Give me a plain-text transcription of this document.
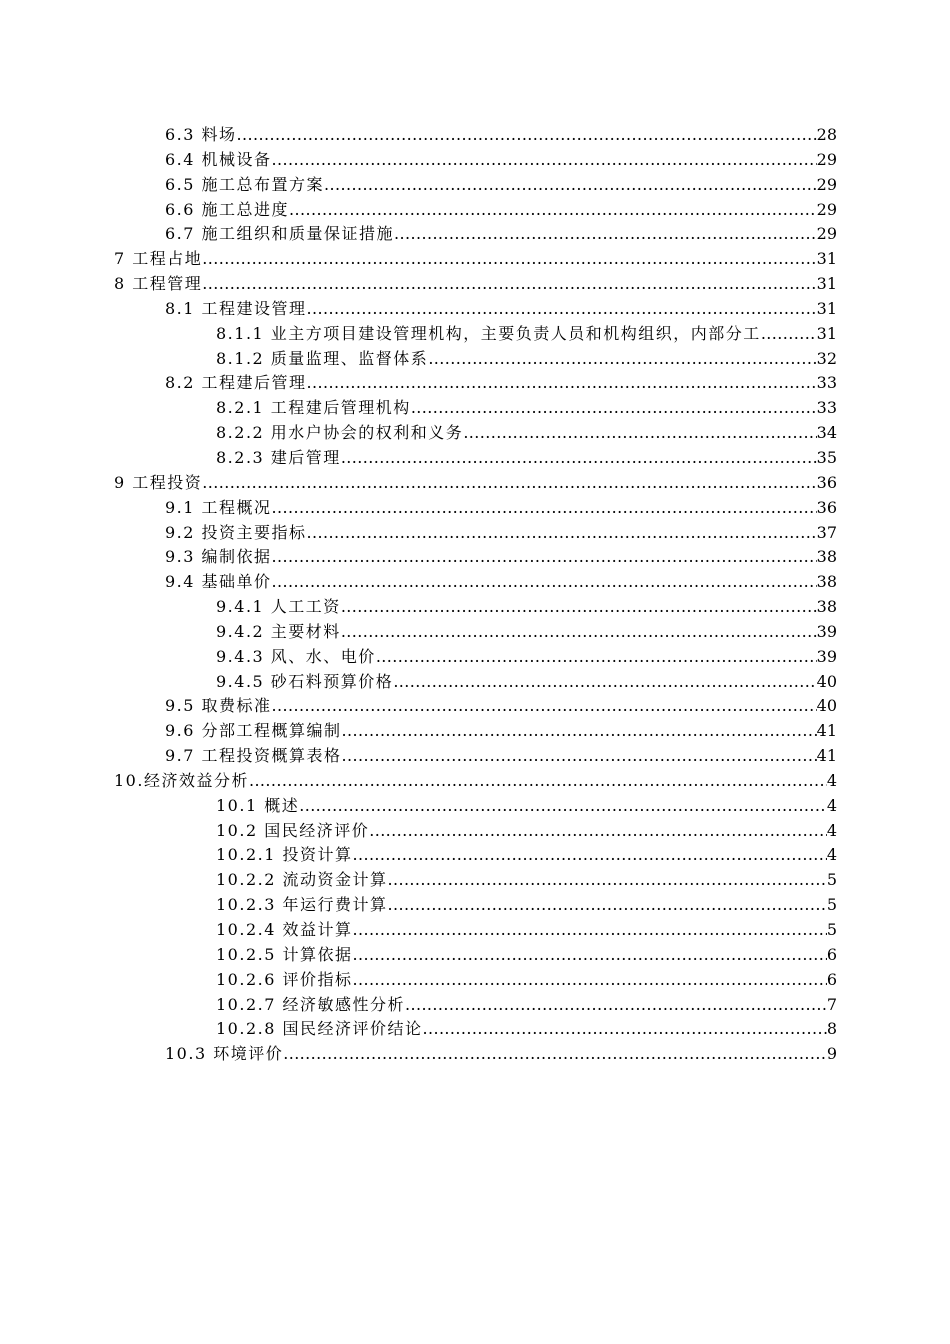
6.3 料场 .....	28
6.4 机械设备 .....	29
6.5 施工总布置方案 .....	29
6.6 施工总进度 .....	29
6.7 施工组织和质量保证措施 .....	29
7 工程占地 .....	31
8 工程管理 .....	31
8.1 工程建设管理 .....	31
8.1.1 业主方项目建设管理机构，主要负责人员和机构组织，内部分工 .....	31
8.1.2 质量监理、监督体系 .....	32
8.2 工程建后管理 .....	33
8.2.1 工程建后管理机构 .....	33
8.2.2 用水户协会的权利和义务 .....	34
8.2.3 建后管理 .....	35
9 工程投资 .....	36
9.1 工程概况 .....	36
9.2 投资主要指标 .....	37
9.3 编制依据 .....	38
9.4 基础单价 .....	38
9.4.1 人工工资 .....	38
9.4.2 主要材料 .....	39
9.4.3 风、水、电价 .....	39
9.4.5 砂石料预算价格 .....	40
9.5 取费标准 .....	40
9.6 分部工程概算编制 .....	41
9.7 工程投资概算表格 .....	41
10.经济效益分析 .....	4
10.1 概述 .....	4
10.2 国民经济评价 .....	4
10.2.1 投资计算 .....	4
10.2.2 流动资金计算 .....	5
10.2.3 年运行费计算 .....	5
10.2.4 效益计算 .....	5
10.2.5 计算依据 .....	6
10.2.6 评价指标 .....	6
10.2.7 经济敏感性分析 .....	7
10.2.8 国民经济评价结论 .....	8
10.3 环境评价 .....	9
